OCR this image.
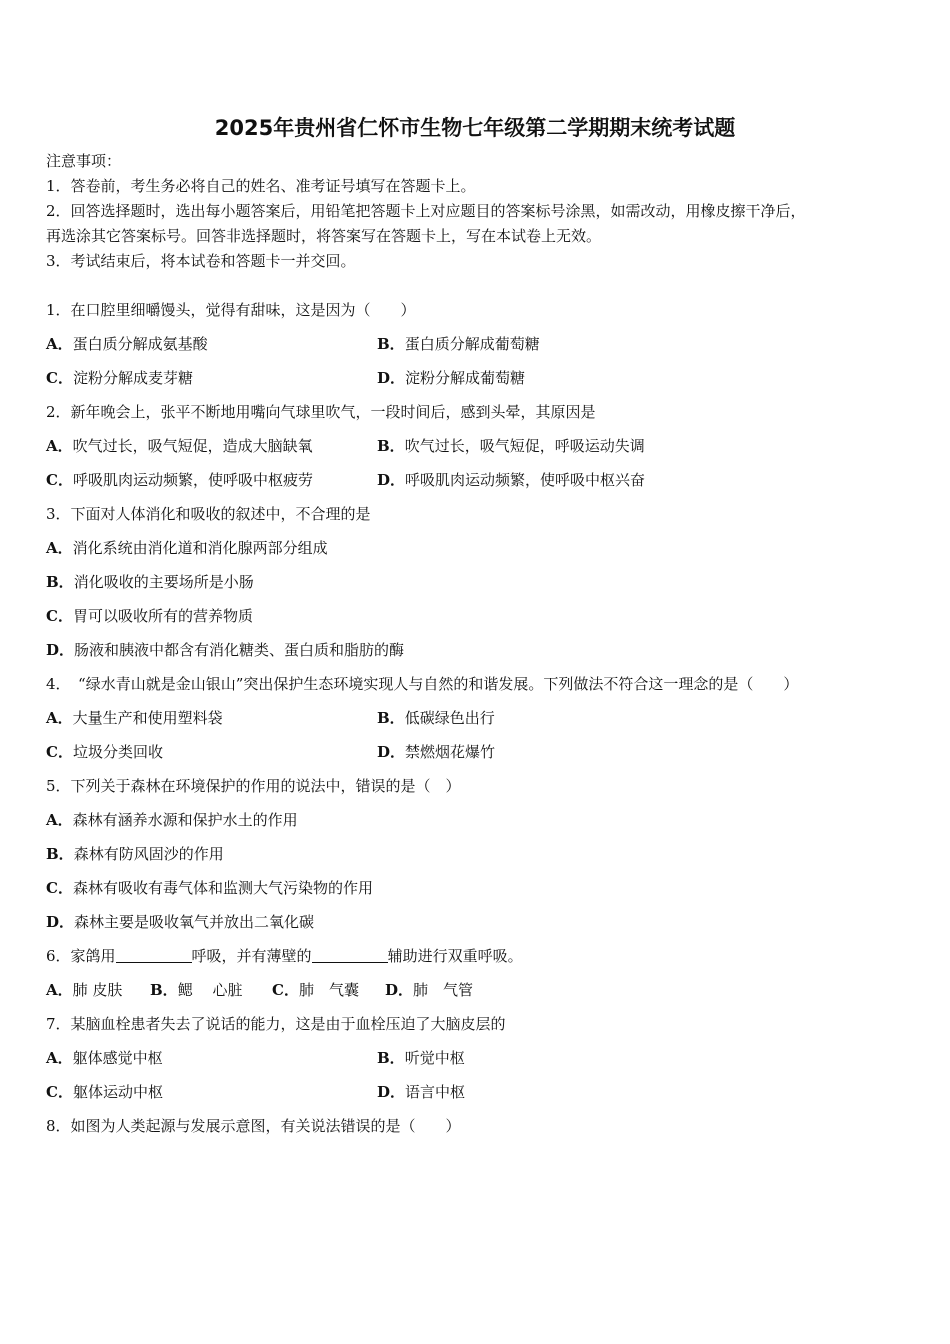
2025年贵州省仁怀市生物七年级第二学期期末统考试题
注意事项：
1．答卷前，考生务必将自己的姓名、准考证号填写在答题卡上。
2．回答选择题时，选出每小题答案后，用铅笔把答题卡上对应题目的答案标号涂黑，如需改动，用橡皮擦干净后，
再选涂其它答案标号。回答非选择题时，将答案写在答题卡上，写在本试卷上无效。
3．考试结束后，将本试卷和答题卡一并交回。
1．在口腔里细嚼馒头，觉得有甜味，这是因为（　　）
A．蛋白质分解成氨基酸	B．蛋白质分解成葡萄糖
C．淀粉分解成麦芽糖	D．淀粉分解成葡萄糖
2．新年晚会上，张平不断地用嘴向气球里吹气，一段时间后，感到头晕，其原因是
A．吹气过长，吸气短促，造成大脑缺氧	B．吹气过长，吸气短促，呼吸运动失调
C．呼吸肌肉运动频繁，使呼吸中枢疲劳	D．呼吸肌肉运动频繁，使呼吸中枢兴奋
3．下面对人体消化和吸收的叙述中，不合理的是
A．消化系统由消化道和消化腺两部分组成
B．消化吸收的主要场所是小肠
C．胃可以吸收所有的营养物质
D．肠液和胰液中都含有消化糖类、蛋白质和脂肪的酶
4．　“绿水青山就是金山银山”突出保护生态环境实现人与自然的和谐发展。下列做法不符合这一理念的是（　　）
A．大量生产和使用塑料袋	B．低碳绿色出行
C．垃圾分类回收	D．禁燃烟花爆竹
5．下列关于森林在环境保护的作用的说法中，错误的是（　）
A．森林有涵养水源和保护水土的作用
B．森林有防风固沙的作用
C．森林有吸收有毒气体和监测大气污染物的作用
D．森林主要是吸收氧气并放出二氧化碳
6．家鸽用	呼吸，并有薄壁的	辅助进行双重呼吸。
A．肺 皮肤 B．鳃　 心脏 C．肺　气囊 D．肺　气管
7．某脑血栓患者失去了说话的能力，这是由于血栓压迫了大脑皮层的
A．躯体感觉中枢	B．听觉中枢
C．躯体运动中枢	D．语言中枢
8．如图为人类起源与发展示意图，有关说法错误的是（　　）
